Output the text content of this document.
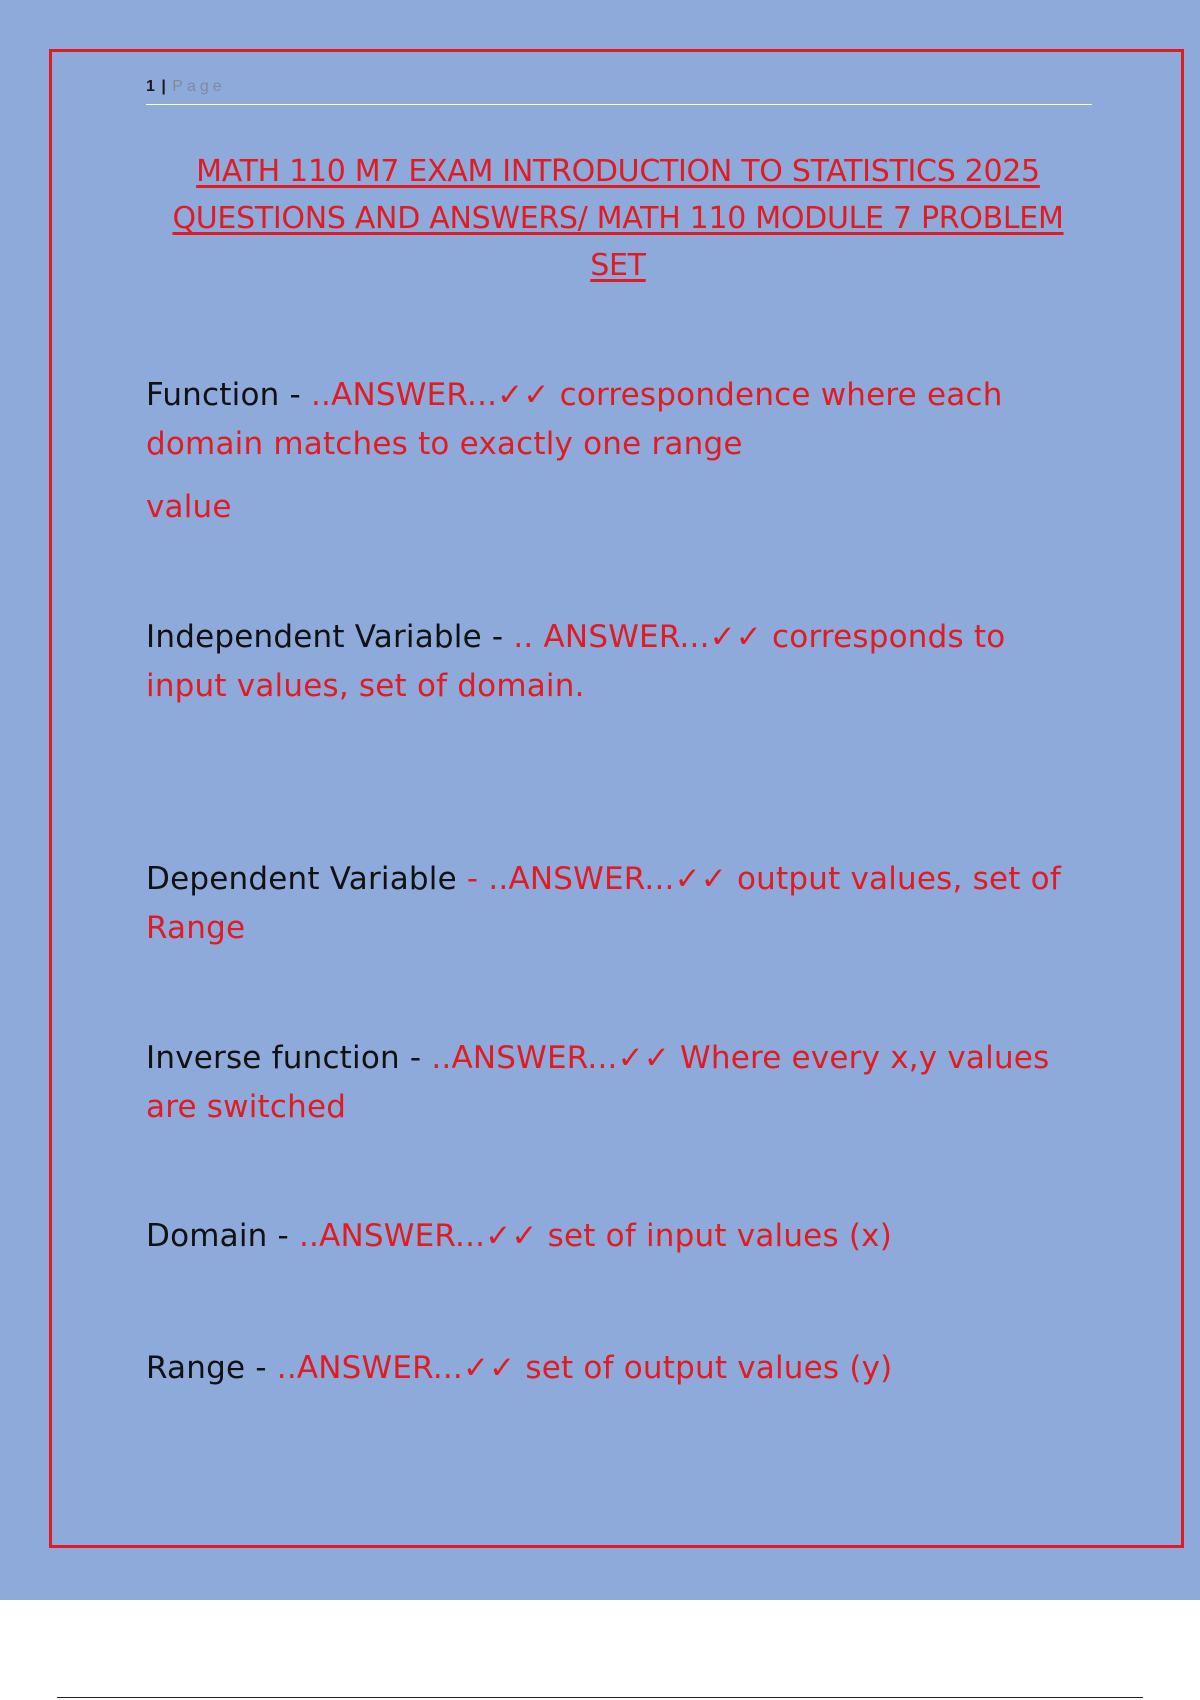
1 | Page
MATH 110 M7 EXAM INTRODUCTION TO STATISTICS 2025 QUESTIONS AND ANSWERS/ MATH 110 MODULE 7 PROBLEM SET
Function - ..ANSWER...✓✓ correspondence where each domain matches to exactly one range
value
Independent Variable - .. ANSWER...✓✓ corresponds to input values, set of domain.
Dependent Variable - ..ANSWER...✓✓ output values, set of Range
Inverse function - ..ANSWER...✓✓ Where every x,y values are switched
Domain - ..ANSWER...✓✓ set of input values (x)
Range - ..ANSWER...✓✓ set of output values (y)
